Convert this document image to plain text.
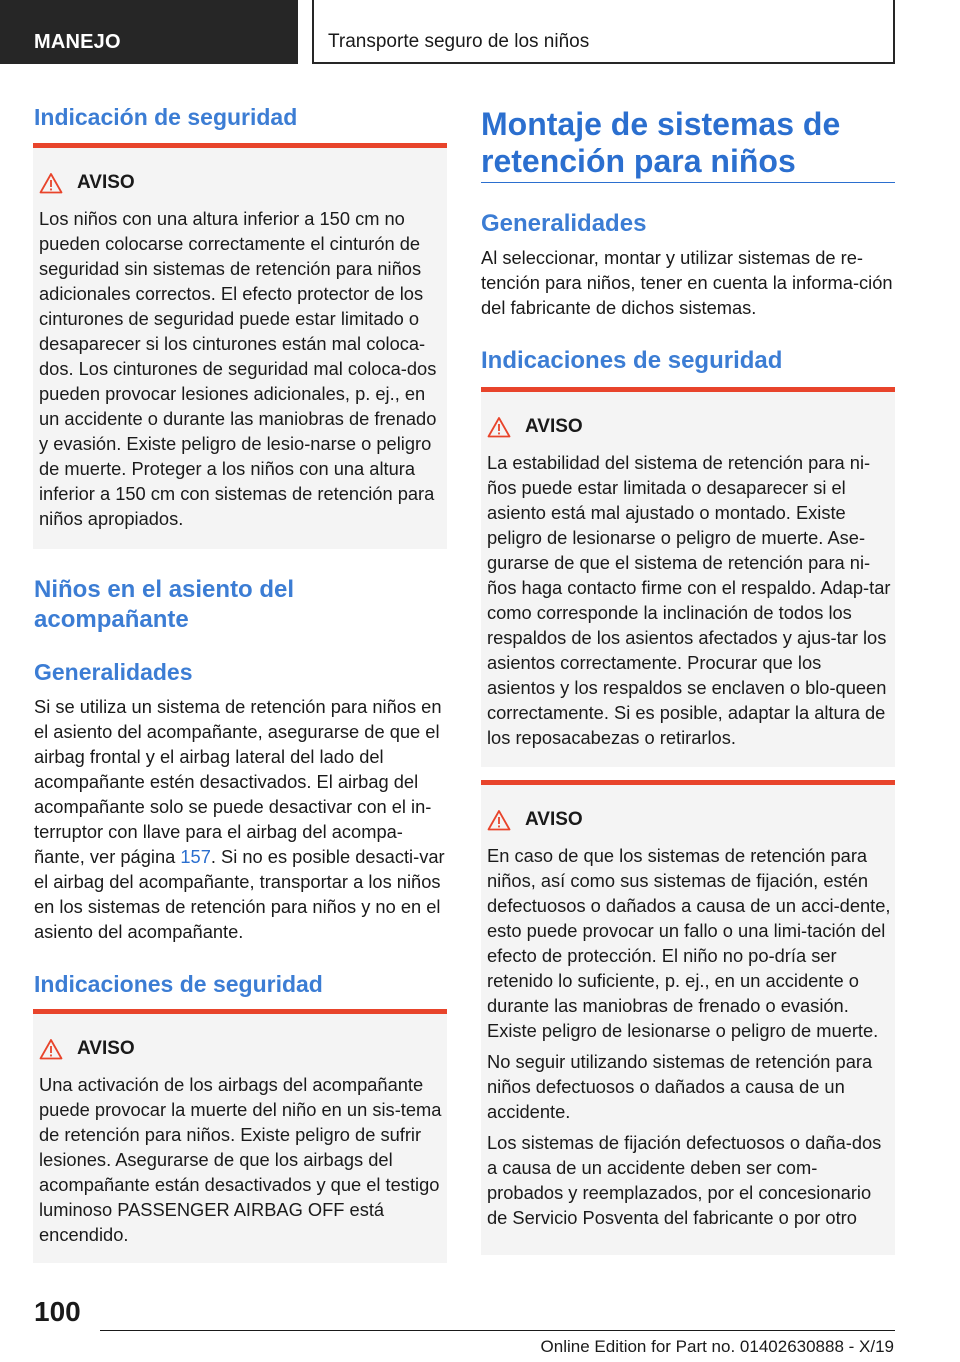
MANEJO	Transporte seguro de los niños
Indicación de seguridad
AVISO
Los niños con una altura inferior a 150 cm no pueden colocarse correctamente el cinturón de seguridad sin sistemas de retención para niños adicionales correctos. El efecto protector de los cinturones de seguridad puede estar limitado o desaparecer si los cinturones están mal coloca-dos. Los cinturones de seguridad mal coloca-dos pueden provocar lesiones adicionales, p. ej., en un accidente o durante las maniobras de frenado y evasión. Existe peligro de lesio-narse o peligro de muerte. Proteger a los niños con una altura inferior a 150 cm con sistemas de retención para niños apropiados.
Niños en el asiento del acompañante
Generalidades
Si se utiliza un sistema de retención para niños en el asiento del acompañante, asegurarse de que el airbag frontal y el airbag lateral del lado del acompañante estén desactivados. El airbag del acompañante solo se puede desactivar con el in-terruptor con llave para el airbag del acompa-ñante, ver página 157. Si no es posible desacti-var el airbag del acompañante, transportar a los niños en los sistemas de retención para niños y no en el asiento del acompañante.
Indicaciones de seguridad
AVISO
Una activación de los airbags del acompañante puede provocar la muerte del niño en un sis-tema de retención para niños. Existe peligro de sufrir lesiones. Asegurarse de que los airbags del acompañante están desactivados y que el testigo luminoso PASSENGER AIRBAG OFF está encendido.
Montaje de sistemas de retención para niños
Generalidades
Al seleccionar, montar y utilizar sistemas de re-tención para niños, tener en cuenta la informa-ción del fabricante de dichos sistemas.
Indicaciones de seguridad
AVISO
La estabilidad del sistema de retención para ni-ños puede estar limitada o desaparecer si el asiento está mal ajustado o montado. Existe peligro de lesionarse o peligro de muerte. Ase-gurarse de que el sistema de retención para ni-ños haga contacto firme con el respaldo. Adap-tar como corresponde la inclinación de todos los respaldos de los asientos afectados y ajus-tar los asientos correctamente. Procurar que los asientos y los respaldos se enclaven o blo-queen correctamente. Si es posible, adaptar la altura de los reposacabezas o retirarlos.
AVISO

En caso de que los sistemas de retención para niños, así como sus sistemas de fijación, estén defectuosos o dañados a causa de un acci-dente, esto puede provocar un fallo o una limi-tación del efecto de protección. El niño no po-dría ser retenido lo suficiente, p. ej., en un accidente o durante las maniobras de frenado o evasión. Existe peligro de lesionarse o peligro de muerte.

No seguir utilizando sistemas de retención para niños defectuosos o dañados a causa de un accidente.

Los sistemas de fijación defectuosos o daña-dos a causa de un accidente deben ser com-probados y reemplazados, por el concesionario de Servicio Posventa del fabricante o por otro

100
Online Edition for Part no. 01402630888 - X/19
